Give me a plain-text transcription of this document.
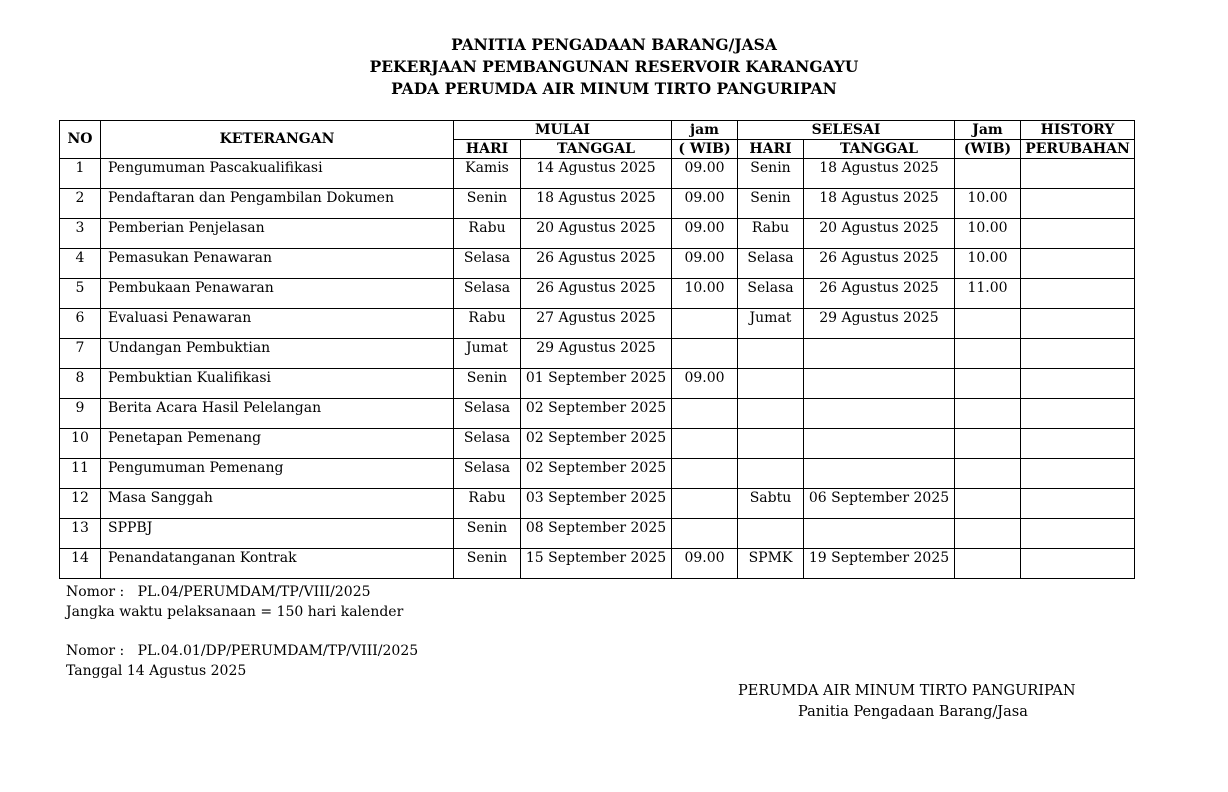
PANITIA PENGADAAN BARANG/JASA
PEKERJAAN PEMBANGUNAN RESERVOIR KARANGAYU
PADA PERUMDA AIR MINUM TIRTO PANGURIPAN
NO	KETERANGAN	MULAI		jam	SELESAI		Jam	HISTORY
		HARI	TANGGAL	( WIB)	HARI	TANGGAL	(WIB)	PERUBAHAN
1	Pengumuman Pascakualifikasi	Kamis	14 Agustus 2025	09.00	Senin	18 Agustus 2025		
2	Pendaftaran dan Pengambilan Dokumen	Senin	18 Agustus 2025	09.00	Senin	18 Agustus 2025	10.00	
3	Pemberian Penjelasan	Rabu	20 Agustus 2025	09.00	Rabu	20 Agustus 2025	10.00	
4	Pemasukan Penawaran	Selasa	26 Agustus 2025	09.00	Selasa	26 Agustus 2025	10.00	
5	Pembukaan Penawaran	Selasa	26 Agustus 2025	10.00	Selasa	26 Agustus 2025	11.00	
6	Evaluasi Penawaran	Rabu	27 Agustus 2025		Jumat	29 Agustus 2025		
7	Undangan Pembuktian	Jumat	29 Agustus 2025					
8	Pembuktian Kualifikasi	Senin	01 September 2025	09.00				
9	Berita Acara Hasil Pelelangan	Selasa	02 September 2025					
10	Penetapan Pemenang	Selasa	02 September 2025					
11	Pengumuman Pemenang	Selasa	02 September 2025					
12	Masa Sanggah	Rabu	03 September 2025		Sabtu	06 September 2025		
13	SPPBJ	Senin	08 September 2025					
14	Penandatanganan Kontrak	Senin	15 September 2025	09.00	SPMK	19 September 2025		
Nomor :   PL.04/PERUMDAM/TP/VIII/2025
Jangka waktu pelaksanaan = 150 hari kalender
Nomor :   PL.04.01/DP/PERUMDAM/TP/VIII/2025
Tanggal 14 Agustus 2025
PERUMDA AIR MINUM TIRTO PANGURIPAN
Panitia Pengadaan Barang/Jasa
